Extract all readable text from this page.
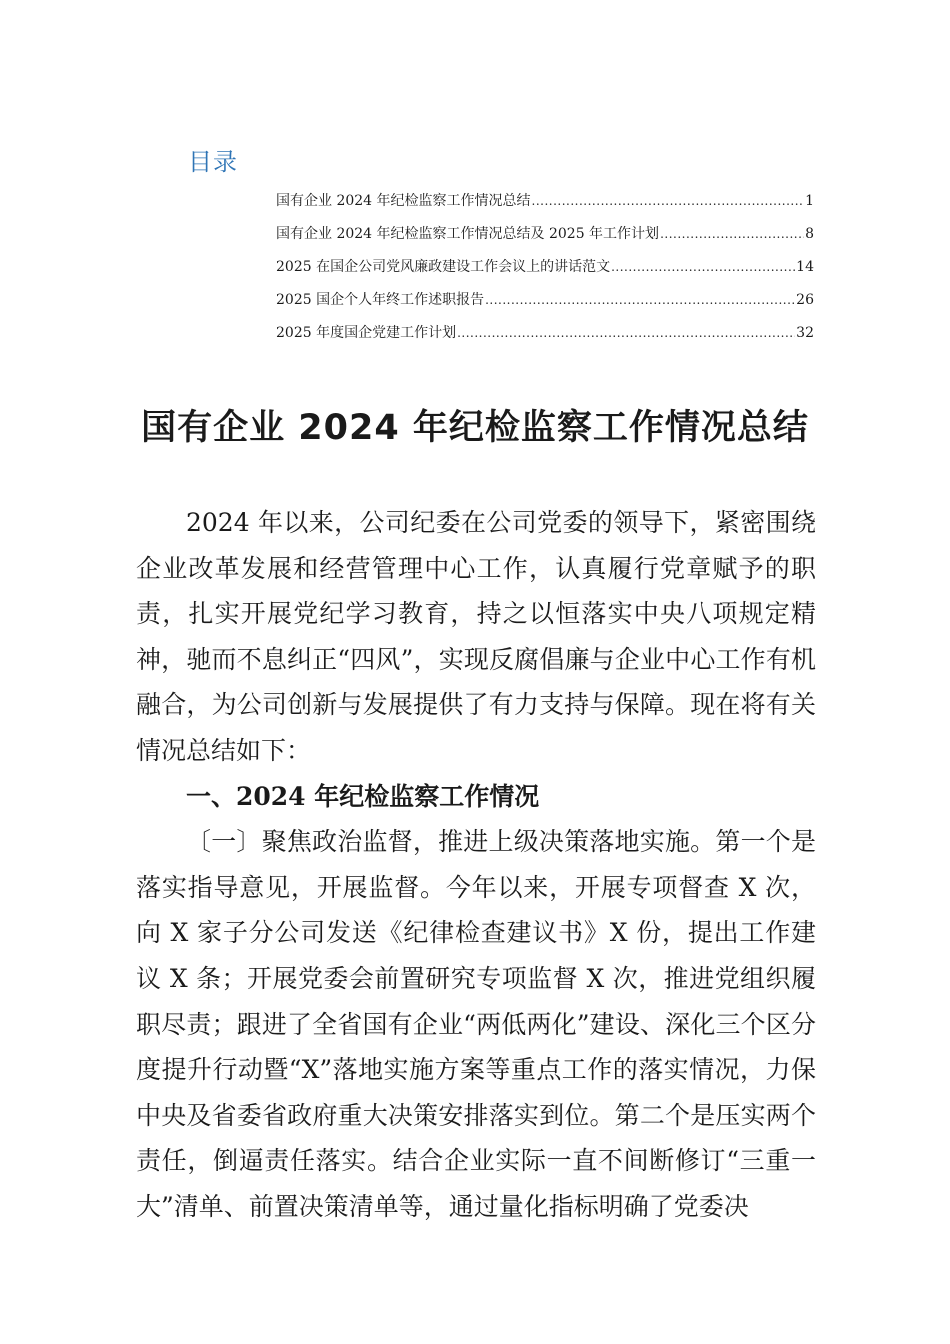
目录
国有企业 2024 年纪检监察工作情况总结 .....	1
国有企业 2024 年纪检监察工作情况总结及 2025 年工作计划 .....	8
2025 在国企公司党风廉政建设工作会议上的讲话范文 .....	14
2025 国企个人年终工作述职报告 .....	26
2025 年度国企党建工作计划 .....	32
国有企业 2024 年纪检监察工作情况总结

2024 年以来，公司纪委在公司党委的领导下，紧密围绕企业改革发展和经营管理中心工作，认真履行党章赋予的职责，扎实开展党纪学习教育，持之以恒落实中央八项规定精神，驰而不息纠正“四风”，实现反腐倡廉与企业中心工作有机融合，为公司创新与发展提供了有力支持与保障。现在将有关情况总结如下：

一、2024 年纪检监察工作情况

〔一〕聚焦政治监督，推进上级决策落地实施。第一个是落实指导意见，开展监督。今年以来，开展专项督查 X 次，向 X 家子分公司发送《纪律检查建议书》X 份，提出工作建议 X 条；开展党委会前置研究专项监督 X 次，推进党组织履职尽责；跟进了全省国有企业“两低两化”建设、深化三个区分度提升行动暨“X”落地实施方案等重点工作的落实情况，力保中央及省委省政府重大决策安排落实到位。第二个是压实两个责任，倒逼责任落实。结合企业实际一直不间断修订“三重一大”清单、前置决策清单等，通过量化指标明确了党委决
